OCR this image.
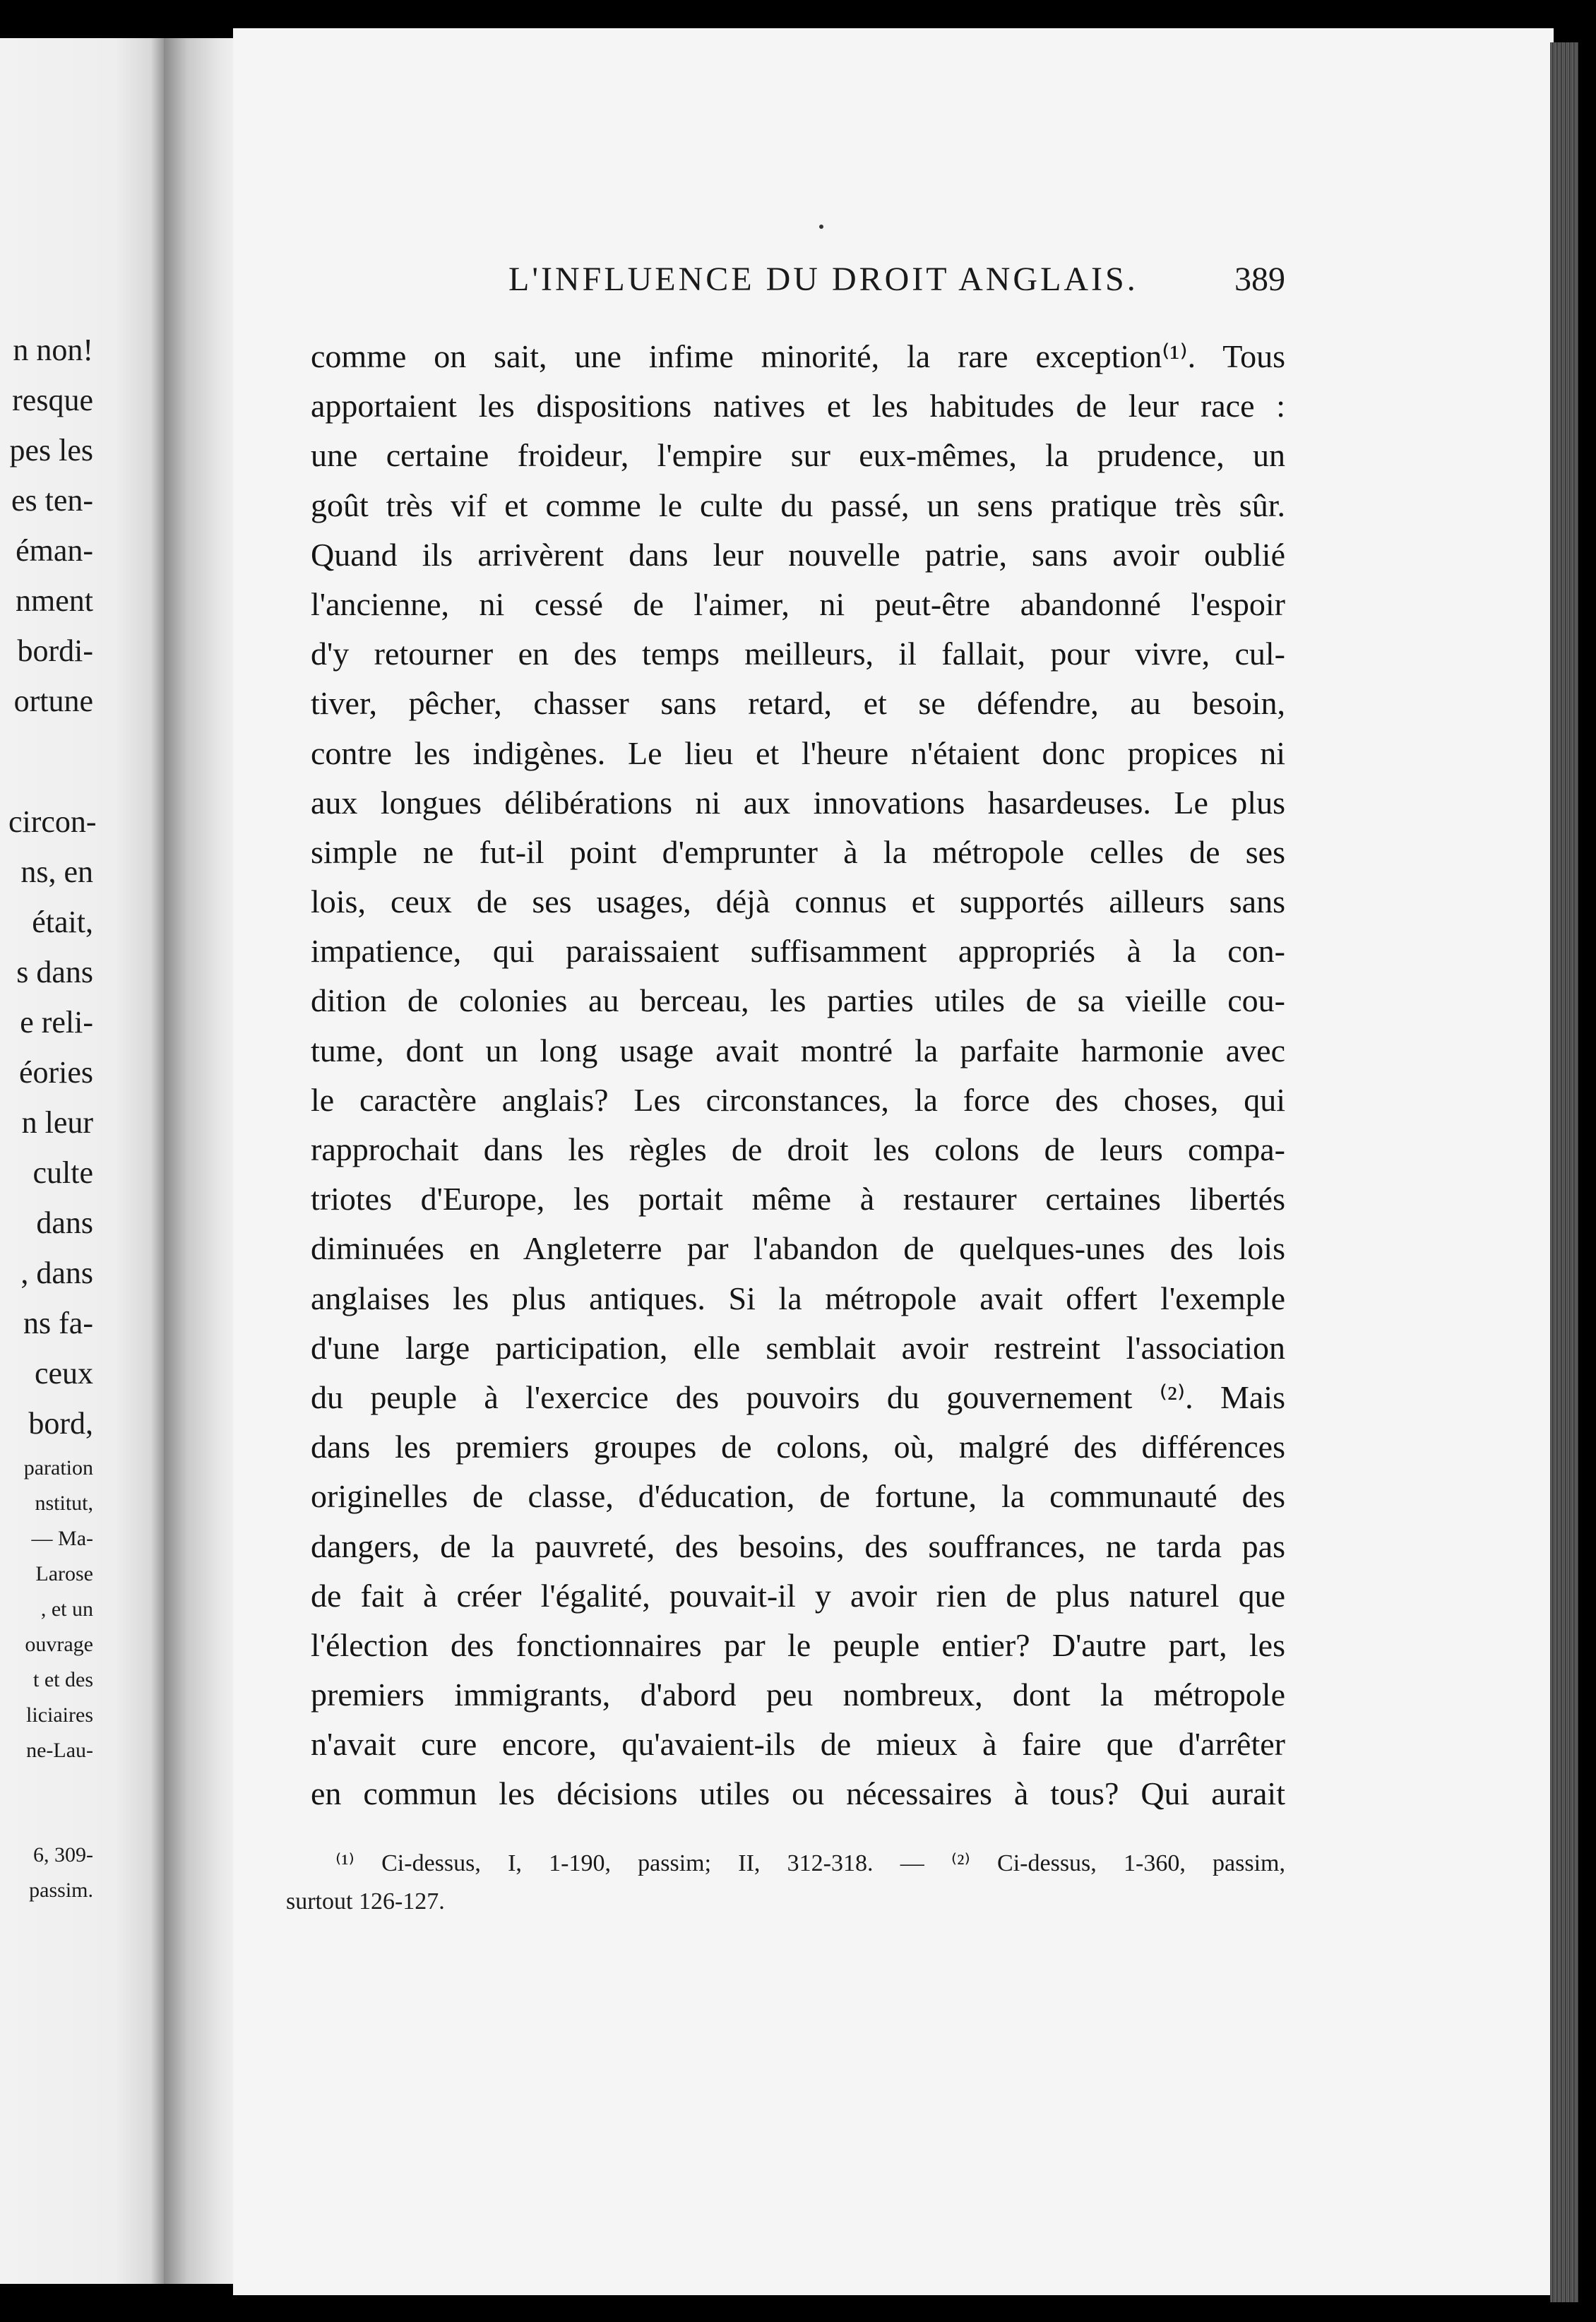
n non!
resque
pes les
es ten-
éman-
nment
bordi-
ortune
circon-
ns, en
était,
s dans
e reli-
éories
n leur
culte
dans
, dans
ns fa-
ceux
bord,
paration
nstitut,
— Ma-
Larose
, et un
ouvrage
t et des
liciaires
ne-Lau-
6, 309-
passim.
L'INFLUENCE DU DROIT ANGLAIS.	389
comme on sait, une infime minorité, la rare exception⁽¹⁾. Tous
apportaient les dispositions natives et les habitudes de leur race :
une certaine froideur, l'empire sur eux-mêmes, la prudence, un
goût très vif et comme le culte du passé, un sens pratique très sûr.
Quand ils arrivèrent dans leur nouvelle patrie, sans avoir oublié
l'ancienne, ni cessé de l'aimer, ni peut-être abandonné l'espoir
d'y retourner en des temps meilleurs, il fallait, pour vivre, cul-
tiver, pêcher, chasser sans retard, et se défendre, au besoin,
contre les indigènes. Le lieu et l'heure n'étaient donc propices ni
aux longues délibérations ni aux innovations hasardeuses. Le plus
simple ne fut-il point d'emprunter à la métropole celles de ses
lois, ceux de ses usages, déjà connus et supportés ailleurs sans
impatience, qui paraissaient suffisamment appropriés à la con-
dition de colonies au berceau, les parties utiles de sa vieille cou-
tume, dont un long usage avait montré la parfaite harmonie avec
le caractère anglais? Les circonstances, la force des choses, qui
rapprochait dans les règles de droit les colons de leurs compa-
triotes d'Europe, les portait même à restaurer certaines libertés
diminuées en Angleterre par l'abandon de quelques-unes des lois
anglaises les plus antiques. Si la métropole avait offert l'exemple
d'une large participation, elle semblait avoir restreint l'association
du peuple à l'exercice des pouvoirs du gouvernement ⁽²⁾. Mais
dans les premiers groupes de colons, où, malgré des différences
originelles de classe, d'éducation, de fortune, la communauté des
dangers, de la pauvreté, des besoins, des souffrances, ne tarda pas
de fait à créer l'égalité, pouvait-il y avoir rien de plus naturel que
l'élection des fonctionnaires par le peuple entier? D'autre part, les
premiers immigrants, d'abord peu nombreux, dont la métropole
n'avait cure encore, qu'avaient-ils de mieux à faire que d'arrêter
en commun les décisions utiles ou nécessaires à tous? Qui aurait
⁽¹⁾ Ci-dessus, I, 1-190, passim; II, 312-318. — ⁽²⁾ Ci-dessus, 1-360, passim,
surtout 126-127.
